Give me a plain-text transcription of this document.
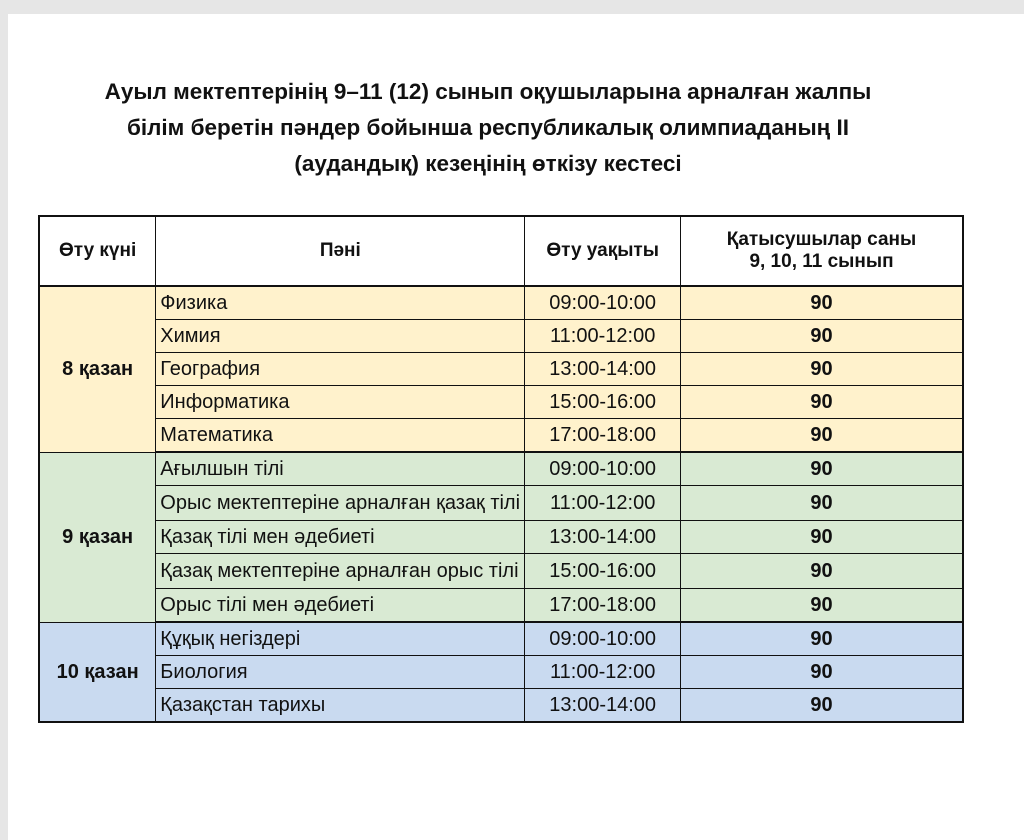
Ауыл мектептерінің 9–11 (12) сынып оқушыларына арналған жалпы
білім беретін пәндер бойынша республикалық олимпиаданың ІІ
(аудандық) кезеңінің өткізу кестесі
Өту күні	Пәні	Өту уақыты	Қатысушылар саны
9, 10, 11 сынып

8 қазан	Физика	09:00-10:00	90
	Химия	11:00-12:00	90
	География	13:00-14:00	90
	Информатика	15:00-16:00	90
	Математика	17:00-18:00	90
9 қазан	Ағылшын тілі	09:00-10:00	90
	Орыс мектептеріне арналған қазақ тілі	11:00-12:00	90
	Қазақ тілі мен әдебиеті	13:00-14:00	90
	Қазақ мектептеріне арналған орыс тілі	15:00-16:00	90
	Орыс тілі мен әдебиеті	17:00-18:00	90
10 қазан	Құқық негіздері	09:00-10:00	90
	Биология	11:00-12:00	90
	Қазақстан тарихы	13:00-14:00	90
